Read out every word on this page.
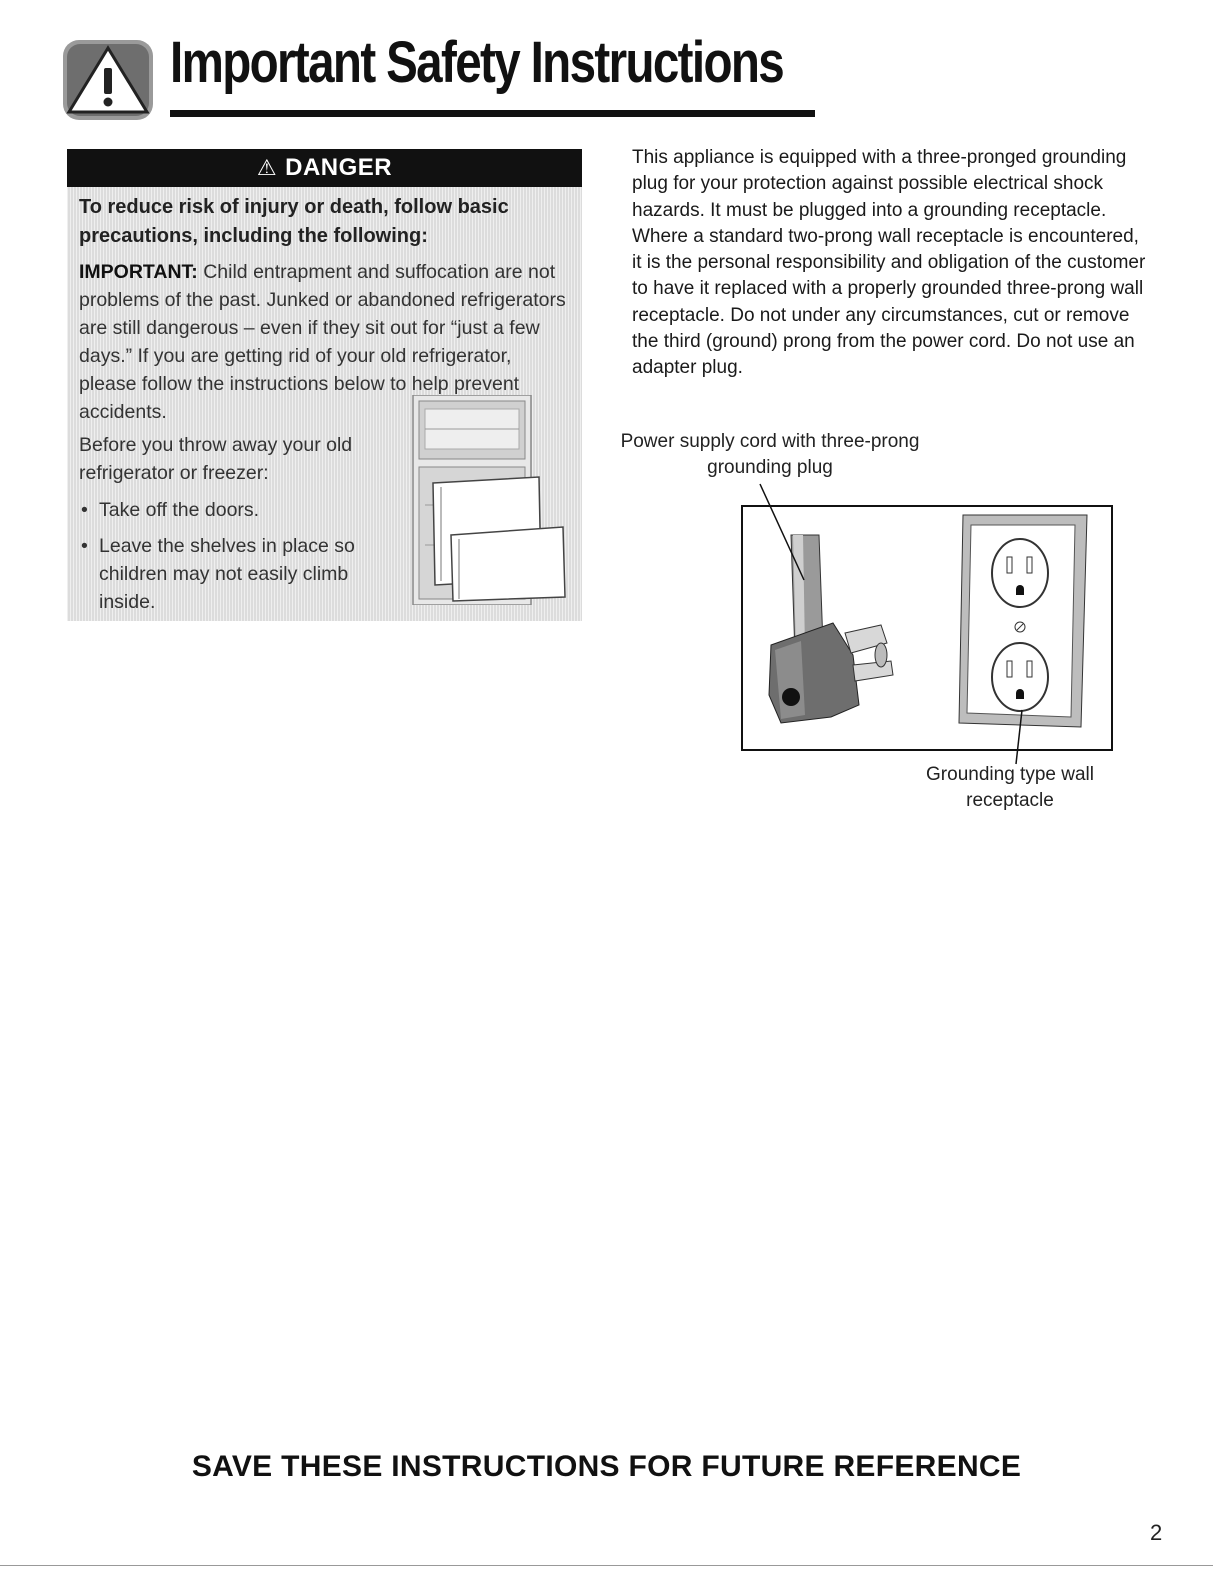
Important Safety Instructions
⚠ DANGER

To reduce risk of injury or death, follow basic precautions, including the following:

IMPORTANT: Child entrapment and suffocation are not problems of the past. Junked or abandoned refrigerators are still dangerous – even if they sit out for “just a few days.” If you are getting rid of your old refrigerator, please follow the instructions below to help prevent accidents.

Before you throw away your old refrigerator or freezer:

• Take off the doors.

• Leave the shelves in place so children may not easily climb inside.

This appliance is equipped with a three-pronged grounding plug for your protection against possible electrical shock hazards. It must be plugged into a grounding receptacle. Where a standard two-prong wall receptacle is encountered, it is the personal responsibility and obligation of the customer to have it replaced with a properly grounded three-prong wall receptacle. Do not under any circumstances, cut or remove the third (ground) prong from the power cord. Do not use an adapter plug.

Power supply cord with three-prong grounding plug

Grounding type wall receptacle

SAVE THESE INSTRUCTIONS FOR FUTURE REFERENCE

2
